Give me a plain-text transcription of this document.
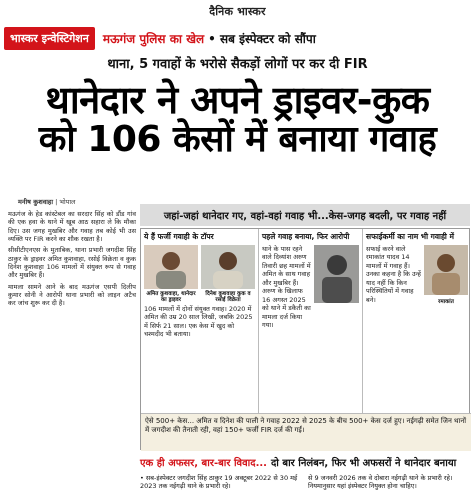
दैनिक भास्कर
भास्कर इन्वेस्टिगेशन	मऊगंज पुलिस का खेल • सब इंस्पेक्टर को सौंपा
थाना, 5 गवाहों के भरोसे सैकड़ों लोगों पर कर दी FIR
थानेदार ने अपने ड्राइवर-कुक
को 106 केसों में बनाया गवाह
मनीष कुशवाहा | भोपाल

मऊगंज के हेड कांस्टेबल का सरदार सिंह को डौंड गांव की एक हवा के थाने में खूब आठ सहारा ले कि मौका दिए। उस जगह मुखबिर और गवाह तब कोई भी उस व्यक्ति पर FIR करने का शौक रखता है।

सीसीटीएनएस के मुताबिक, थाना प्रभारी जगदीश सिंह ठाकुर के ड्राइवर अमित कुशवाहा, रसोई विक्रेता व कुक दिनेश कुशवाहा 106 मामलों में संयुक्त रूप से गवाह और मुखबिर हैं।

मामला सामने आने के बाद मऊगंज एसपी दिलीप कुमार सोनी ने आरोपी थाना प्रभारी को लाइन अटैच कर जांच शुरू कर दी है।

जहां-जहां थानेदार गए, वहां-वहां गवाह भी...केस-जगह बदली, पर गवाह नहीं
ये हैं फर्जी गवाही के टॉपर
अमित कुशवाहा, थानेदार का ड्राइवर
दिनेश कुशवाहा कुक व रसोई विक्रेता

106 मामलों में दोनों संयुक्त गवाह। 2020 में अमित की उम्र 20 साल लिखी, जबकि 2025 में सिर्फ 21 साल। एक केस में खुद को चश्मदीद भी बताया।

पहले गवाह बनाया, फिर आरोपी

थाने के पास रहने वाले दिव्यांश अरुण तिवारी छह मामलों में अमित के साथ गवाह और मुखबिर हैं। अरुण के खिलाफ 16 अगस्त 2025 को थाने में डकैती का मामला दर्ज किया गया।

सफाईकर्मी का नाम भी गवाही में

सफाई करने वाले रमाकांत यादव 14 मामलों में गवाह हैं। उनका कहना है कि उन्हें याद नहीं कि किन परिस्थितियों में गवाह बने।	रमाकांत
ऐसे 500+ केस... अमित व दिनेश की पाली ने गवाह 2022 से 2025 के बीच 500+ केस दर्ज हुए। नईगढ़ी समेत जिन थानों में जगदीश की तैनाती रही, वहां 150+ फर्जी FIR दर्ज की गईं।
एक ही अफसर, बार-बार विवाद... दो बार निलंबन, फिर भी अफसरों ने थानेदार बनाया

• सब-इंस्पेक्टर जगदीश सिंह ठाकुर 19 अक्टूबर 2022 से 30 मई 2023 तक नईगढ़ी थाने के प्रभारी रहे।

से 9 जनवरी 2026 तक वे दोबारा नईगढ़ी थाने के प्रभारी रहे। नियमानुसार यहां इंस्पेक्टर नियुक्त होना चाहिए।
